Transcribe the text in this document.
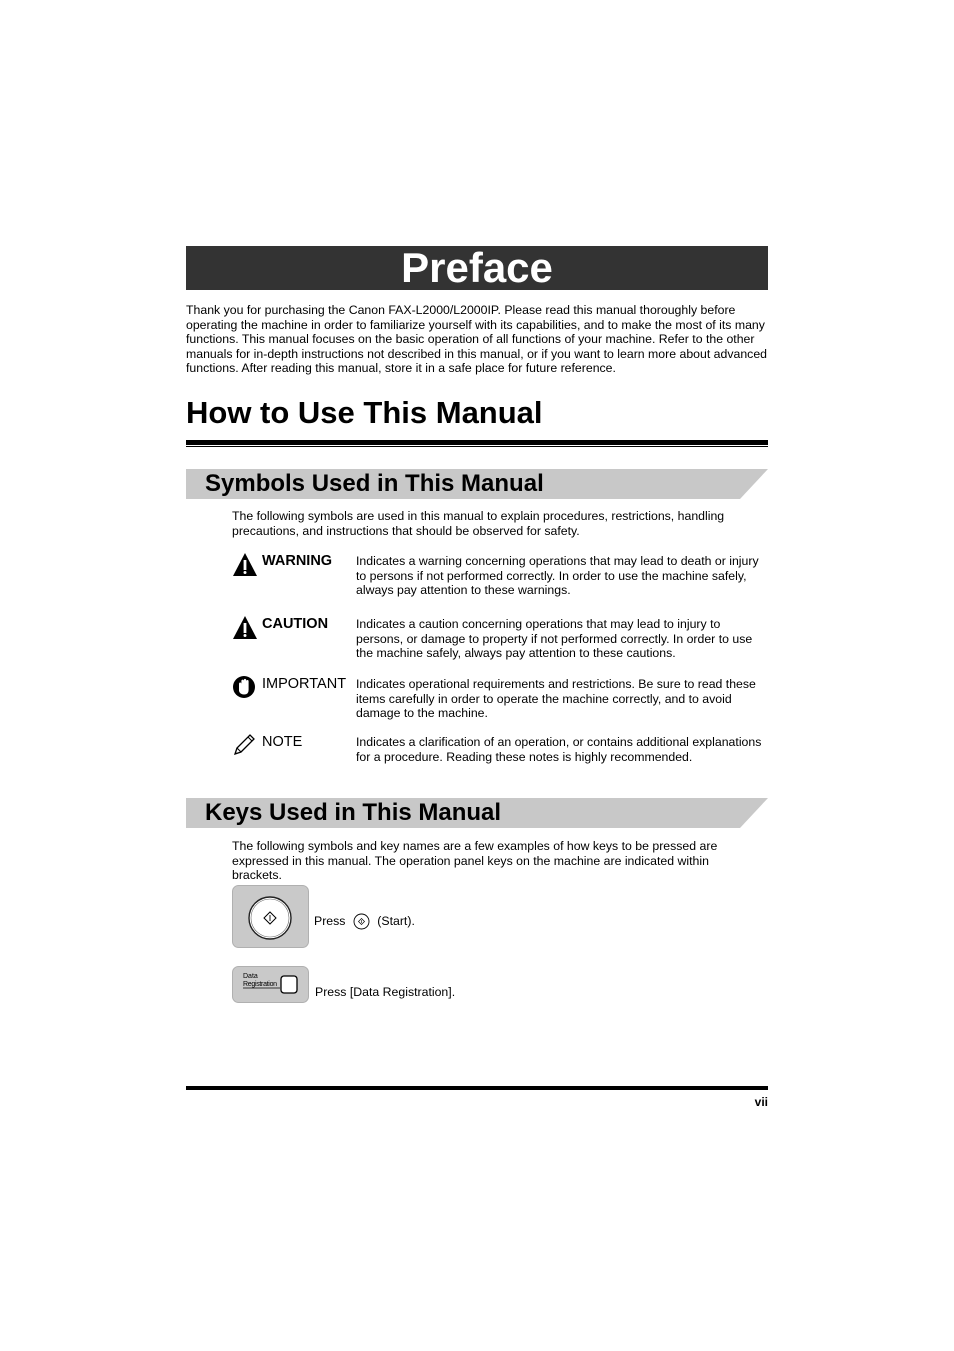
Preface
Thank you for purchasing the Canon FAX-L2000/L2000IP. Please read this manual thoroughly before operating the machine in order to familiarize yourself with its capabilities, and to make the most of its many functions. This manual focuses on the basic operation of all functions of your machine. Refer to the other manuals for in-depth instructions not described in this manual, or if you want to learn more about advanced functions. After reading this manual, store it in a safe place for future reference.
How to Use This Manual
Symbols Used in This Manual
The following symbols are used in this manual to explain procedures, restrictions, handling precautions, and instructions that should be observed for safety.
WARNING Indicates a warning concerning operations that may lead to death or injury to persons if not performed correctly. In order to use the machine safely, always pay attention to these warnings.
CAUTION Indicates a caution concerning operations that may lead to injury to persons, or damage to property if not performed correctly. In order to use the machine safely, always pay attention to these cautions.
IMPORTANT Indicates operational requirements and restrictions. Be sure to read these items carefully in order to operate the machine correctly, and to avoid damage to the machine.
NOTE	Indicates a clarification of an operation, or contains additional explanations for a procedure. Reading these notes is highly recommended.
Keys Used in This Manual
The following symbols and key names are a few examples of how keys to be pressed are expressed in this manual. The operation panel keys on the machine are indicated within brackets.
Press	(Start).
Data
Registration
Press [Data Registration].
vii
